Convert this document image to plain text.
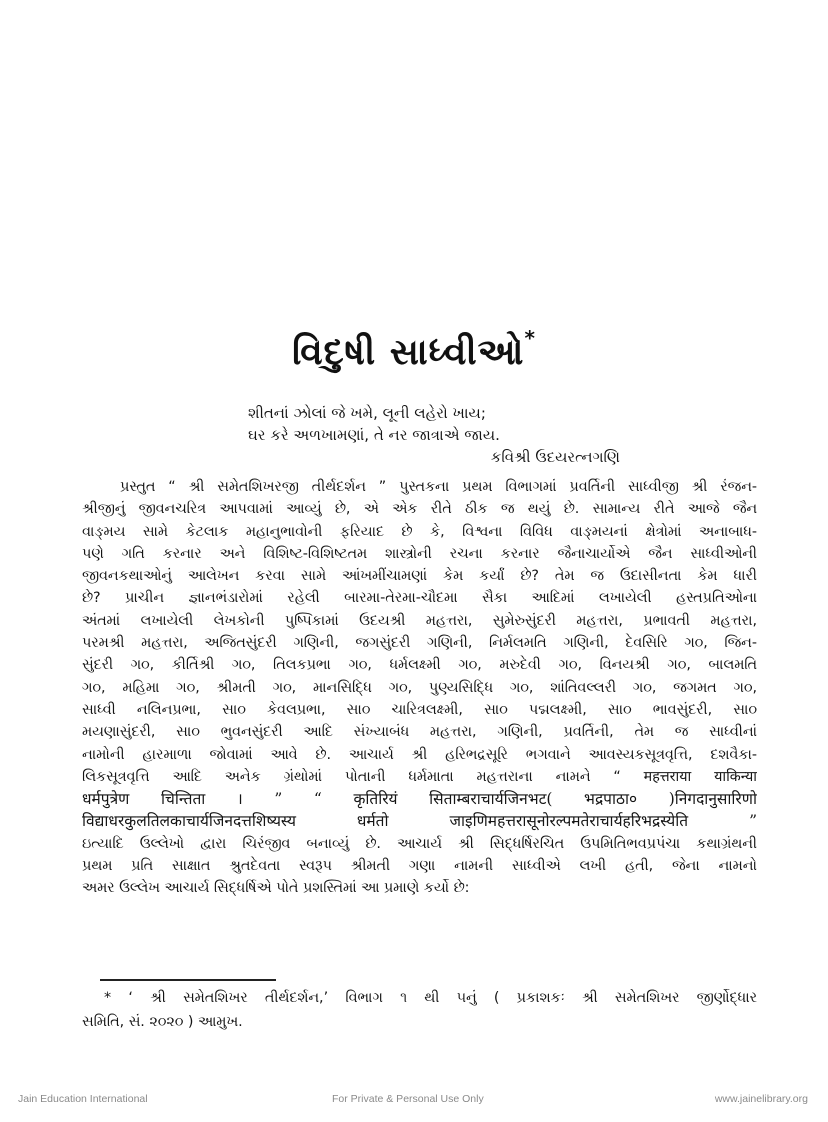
વિદુષી સાધ્વીઓ*
શીતનાં ઝોલાં જે ખમે, લૂની લહેરો ખાય;
ઘર કરે અળખામણાં, તે નર જાત્રાએ જાય.
કવિશ્રી ઉદયરત્નગણિ
પ્રસ્તુત “ શ્રી સમેતશિખરજી તીર્થદર્શન ” પુસ્તકના પ્રથમ વિભાગમાં પ્રવર્તિની સાધ્વીજી શ્રી રંજન-
શ્રીજીનું જીવનચરિત્ર આપવામાં આવ્યું છે, એ એક રીતે ઠીક જ થયું છે. સામાન્ય રીતે આજે જૈન
વાઙ્મય સામે કેટલાક મહાનુભાવોની ફરિયાદ છે કે, વિશ્વના વિવિધ વાઙ્મયનાં ક્ષેત્રોમાં અનાબાધ-
પણે ગતિ કરનાર અને વિશિષ્ટ-વિશિષ્ટતમ શાસ્ત્રોની રચના કરનાર જૈનાચાર્યોએ જૈન સાધ્વીઓની
જીવનકથાઓનું આલેખન કરવા સામે આંખમીંચામણાં કેમ કર્યાં છે? તેમ જ ઉદાસીનતા કેમ ધારી
છે? પ્રાચીન જ્ઞાનભંડારોમાં રહેલી બારમા-તેરમા-ચૌદમા સૈકા આદિમાં લખાયેલી હસ્તપ્રતિઓના
અંતમાં લખાયેલી લેખકોની પુષ્પિકામાં ઉદયશ્રી મહત્તરા, સુમેરુસુંદરી મહત્તરા, પ્રભાવતી મહત્તરા,
પરમશ્રી મહત્તરા, અજિતસુંદરી ગણિની, જગસુંદરી ગણિની, નિર્મલમતિ ગણિની, દેવસિરિ ગ૦, જિન-
સુંદરી ગ૦, કીર્તિશ્રી ગ૦, તિલકપ્રભા ગ૦, ધર્મલક્ષ્મી ગ૦, મરુદેવી ગ૦, વિનયશ્રી ગ૦, બાલમતિ
ગ૦, મહિમા ગ૦, શ્રીમતી ગ૦, માનસિદ્ધિ ગ૦, પુણ્યસિદ્ધિ ગ૦, શાંતિવલ્લરી ગ૦, જગમત ગ૦,
સાધ્વી નલિનપ્રભા, સા૦ કેવલપ્રભા, સા૦ ચારિત્રલક્ષ્મી, સા૦ પદ્મલક્ષ્મી, સા૦ ભાવસુંદરી, સા૦
મયણાસુંદરી, સા૦ ભુવનસુંદરી આદિ સંખ્યાબંધ મહત્તરા, ગણિની, પ્રવર્તિની, તેમ જ સાધ્વીનાં
નામોની હારમાળા જોવામાં આવે છે. આચાર્ય શ્રી હરિભદ્રસૂરિ ભગવાને આવસ્યકસૂત્રવૃત્તિ, દશવૈકા-
લિકસૂત્રવૃત્તિ આદિ અનેક ગ્રંથોમાં પોતાની ધર્મમાતા મહત્તરાના નામને “ महत्तराया याकिन्या
धर्मपुत्रेण चिन्तिता । ” “ कृतिरियं सिताम्बराचार्यजिनभट( भद्रपाठा० )निगदानुसारिणो
विद्याधरकुलतिलकाचार्यजिनदत्तशिष्यस्य धर्मतो जाइणिमहत्तरासूनोरल्पमतेराचार्यहरिभद्रस्येति ”
ઇત્યાદિ ઉલ્લેખો દ્વારા ચિરંજીવ બનાવ્યું છે. આચાર્ય શ્રી સિદ્ધર્ષિરચિત ઉપમિતિભવપ્રપંચા કથાગ્રંથની
પ્રથમ પ્રતિ સાક્ષાત શ્રુતદેવતા સ્વરૂપ શ્રીમતી ગણા નામની સાધ્વીએ લખી હતી, જેના નામનો
અમર ઉલ્લેખ આચાર્ય સિદ્ધર્ષિએ પોતે પ્રશસ્તિમાં આ પ્રમાણે કર્યો છે:
* ‘ શ્રી સમેતશિખર તીર્થદર્શન,’ વિભાગ ૧ થી ૫નું ( પ્રકાશકઃ શ્રી સમેતશિખર જીર્ણોદ્ધાર
સમિતિ, સં. ૨૦૨૦ ) આમુખ.
Jain Education International	For Private & Personal Use Only	www.jainelibrary.org
